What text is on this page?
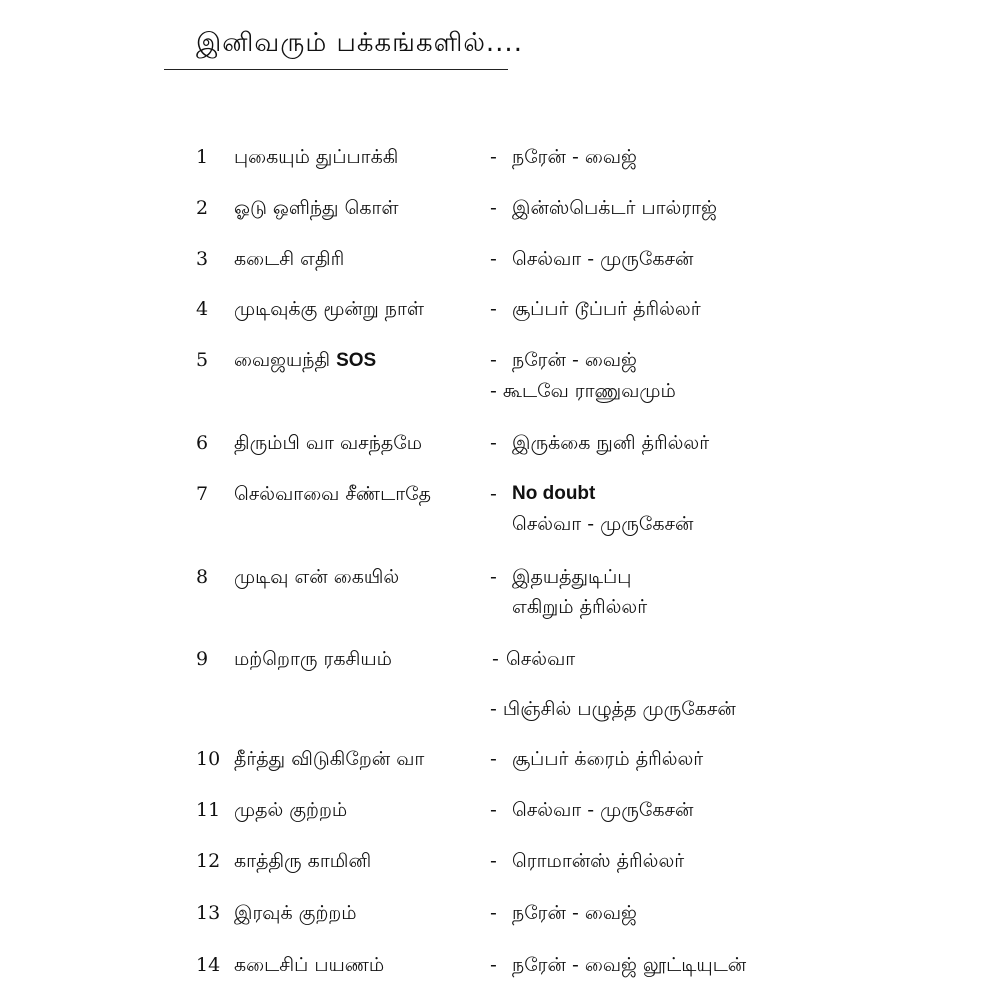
இனிவரும் பக்கங்களில்....
1 புகையும் துப்பாக்கி	- நரேன் - வைஜ்
2 ஓடு ஒளிந்து கொள்	- இன்ஸ்பெக்டர் பால்ராஜ்
3 கடைசி எதிரி	- செல்வா - முருகேசன்
4 முடிவுக்கு மூன்று நாள்	- சூப்பர் டூப்பர் த்ரில்லர்
5 வைஜயந்தி SOS	- நரேன் - வைஜ்
- கூடவே ராணுவமும்
6 திரும்பி வா வசந்தமே	- இருக்கை நுனி த்ரில்லர்
7 செல்வாவை சீண்டாதே	- No doubt
செல்வா - முருகேசன்
8 முடிவு என் கையில்	- இதயத்துடிப்பு
எகிறும் த்ரில்லர்
9 மற்றொரு ரகசியம்	- செல்வா
- பிஞ்சில் பழுத்த முருகேசன்
10 தீர்த்து விடுகிறேன் வா	- சூப்பர் க்ரைம் த்ரில்லர்
11 முதல் குற்றம்	- செல்வா - முருகேசன்
12 காத்திரு காமினி	- ரொமான்ஸ் த்ரில்லர்
13 இரவுக் குற்றம்	- நரேன் - வைஜ்
14 கடைசிப் பயணம்	- நரேன் - வைஜ் லூட்டியுடன்
